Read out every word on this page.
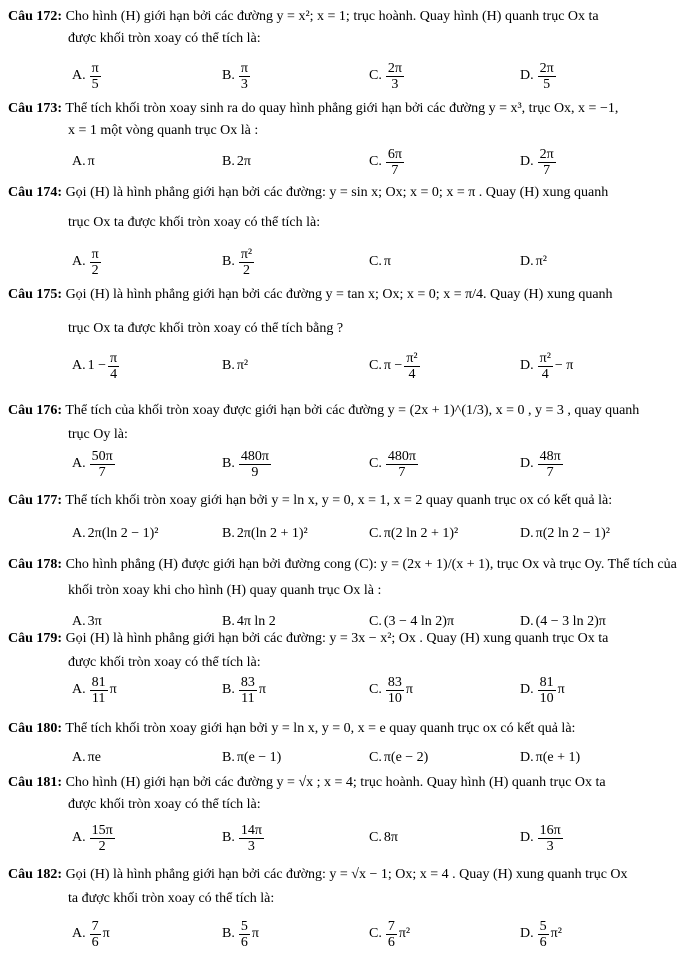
Câu 172: Cho hình (H) giới hạn bởi các đường y = x²; x = 1; trục hoành. Quay hình (H) quanh trục Ox ta
được khối tròn xoay có thể tích là:
A. $\frac{\pi}{5}$	B. $\frac{\pi}{3}$	C. $\frac{2\pi}{3}$	D. $\frac{2\pi}{5}$
Câu 173: Thể tích khối tròn xoay sinh ra do quay hình phẳng giới hạn bởi các đường y = x³, trục Ox, x = −1,
x = 1 một vòng quanh trục Ox là :
A. π	B. 2π	C. $\frac{6\pi}{7}$	D. $\frac{2\pi}{7}$
Câu 174: Gọi (H) là hình phẳng giới hạn bởi các đường: y = sin x; Ox; x = 0; x = π . Quay (H) xung quanh
trục Ox ta được khối tròn xoay có thể tích là:
A. $\frac{\pi}{2}$	B. $\frac{\text{π²}}{2}$	C. π	D. π²
Câu 175: Gọi (H) là hình phẳng giới hạn bởi các đường y = tan x; Ox; x = 0; x = π/4. Quay (H) xung quanh
trục Ox ta được khối tròn xoay có thể tích bằng ?
A. $1 - \frac{\pi}{4}$	B. π²	C. $\pi - \frac{\text{π²}}{4}$	D. $\frac{\text{π²}}{4} - \pi$
Câu 176: Thể tích của khối tròn xoay được giới hạn bởi các đường y = (2x + 1)^(1/3), x = 0 , y = 3 , quay quanh
trục Oy là:
A. $\frac{50\pi}{7}$	B. $\frac{480\pi}{9}$	C. $\frac{480\pi}{7}$	D. $\frac{48\pi}{7}$
Câu 177: Thể tích khối tròn xoay giới hạn bởi y = ln x, y = 0, x = 1, x = 2 quay quanh trục ox có kết quả là:
A. 2π(ln 2 − 1)²	B. 2π(ln 2 + 1)²	C. π(2 ln 2 + 1)²	D. π(2 ln 2 − 1)²
Câu 178: Cho hình phẳng (H) được giới hạn bởi đường cong (C): y = (2x + 1)/(x + 1), trục Ox và trục Oy. Thể tích của
khối tròn xoay khi cho hình (H) quay quanh trục Ox là :
A. 3π	B. 4π ln 2	C. (3 − 4 ln 2)π	D. (4 − 3 ln 2)π
Câu 179: Gọi (H) là hình phẳng giới hạn bởi các đường: y = 3x − x²; Ox . Quay (H) xung quanh trục Ox ta
được khối tròn xoay có thể tích là:
A. $\frac{81}{11}$ π	B. $\frac{83}{11}$ π	C. $\frac{83}{10}$ π	D. $\frac{81}{10}$ π
Câu 180: Thể tích khối tròn xoay giới hạn bởi y = ln x, y = 0, x = e quay quanh trục ox có kết quả là:
A. πe	B. π(e − 1)	C. π(e − 2)	D. π(e + 1)
Câu 181: Cho hình (H) giới hạn bởi các đường y = √x ; x = 4; trục hoành. Quay hình (H) quanh trục Ox ta
được khối tròn xoay có thể tích là:
A. $\frac{15\pi}{2}$	B. $\frac{14\pi}{3}$	C. 8π	D. $\frac{16\pi}{3}$
Câu 182: Gọi (H) là hình phẳng giới hạn bởi các đường: y = √x − 1; Ox; x = 4 . Quay (H) xung quanh trục Ox
ta được khối tròn xoay có thể tích là:
A. $\frac{7}{6}$ π	B. $\frac{5}{6}$ π	C. $\frac{7}{6} \pi^2$	D. $\frac{5}{6} \pi^2$
